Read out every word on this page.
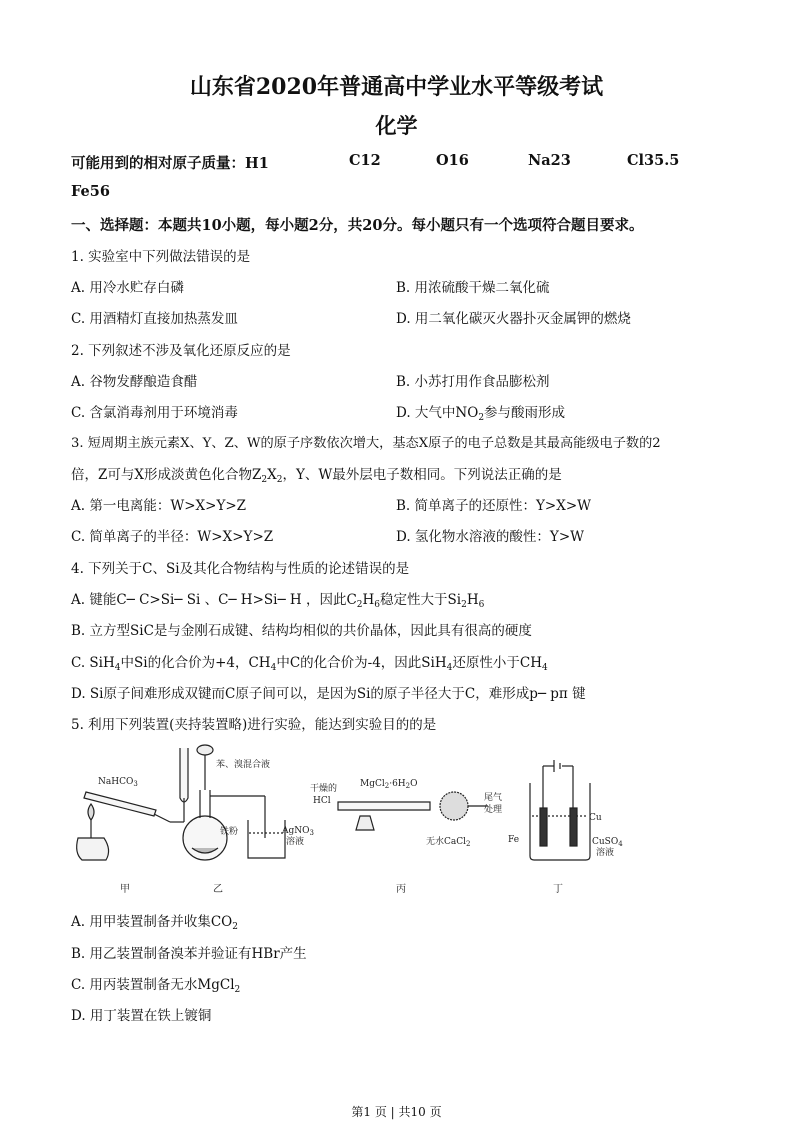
山东省2020年普通高中学业水平等级考试
化学
可能用到的相对原子质量：H1	C12	O16	Na23	Cl35.5
Fe56
一、选择题：本题共10小题，每小题2分，共20分。每小题只有一个选项符合题目要求。
1. 实验室中下列做法错误的是
A. 用冷水贮存白磷	B. 用浓硫酸干燥二氧化硫
C. 用酒精灯直接加热蒸发皿	D. 用二氧化碳灭火器扑灭金属钾的燃烧
2. 下列叙述不涉及氧化还原反应的是
A. 谷物发酵酿造食醋	B. 小苏打用作食品膨松剂
C. 含氯消毒剂用于环境消毒	D. 大气中$NO_2$参与酸雨形成
3. 短周期主族元素X、Y、Z、W的原子序数依次增大，基态X原子的电子总数是其最高能级电子数的2
倍，Z可与X形成淡黄色化合物$Z_2X_2$，Y、W最外层电子数相同。下列说法正确的是
A. 第一电离能：W>X>Y>Z	B. 简单离子的还原性：Y>X>W
C. 简单离子的半径：W>X>Y>Z	D. 氢化物水溶液的酸性：Y>W
4. 下列关于C、Si及其化合物结构与性质的论述错误的是
A. 键能C─ C>Si─ Si 、C─ H>Si─ H ，因此$C_2H_6$稳定性大于$Si_2H_6$
B. 立方型SiC是与金刚石成键、结构均相似的共价晶体，因此具有很高的硬度
C. SiH$_4$中Si的化合价为+4，$CH_4$中C的化合价为-4，因此SiH$_4$还原性小于$CH_4$
D. Si原子间难形成双键而C原子间可以，是因为Si的原子半径大于C，难形成p─ pπ 键
5. 利用下列装置(夹持装置略)进行实验，能达到实验目的的是
NaHCO$_3$
苯、溴混合液
铁粉	AgNO$_3$
溶液
干燥的
HCl
$MgCl_2\cdot 6H_2O$
无水CaCl$_2$
尾气
处理
Cu
Fe	CuSO$_4$
溶液
甲	乙	丙	丁
A. 用甲装置制备并收集$CO_2$
B. 用乙装置制备溴苯并验证有HBr产生
C. 用丙装置制备无水MgCl$_2$
D. 用丁装置在铁上镀铜
第1 页 | 共10 页
